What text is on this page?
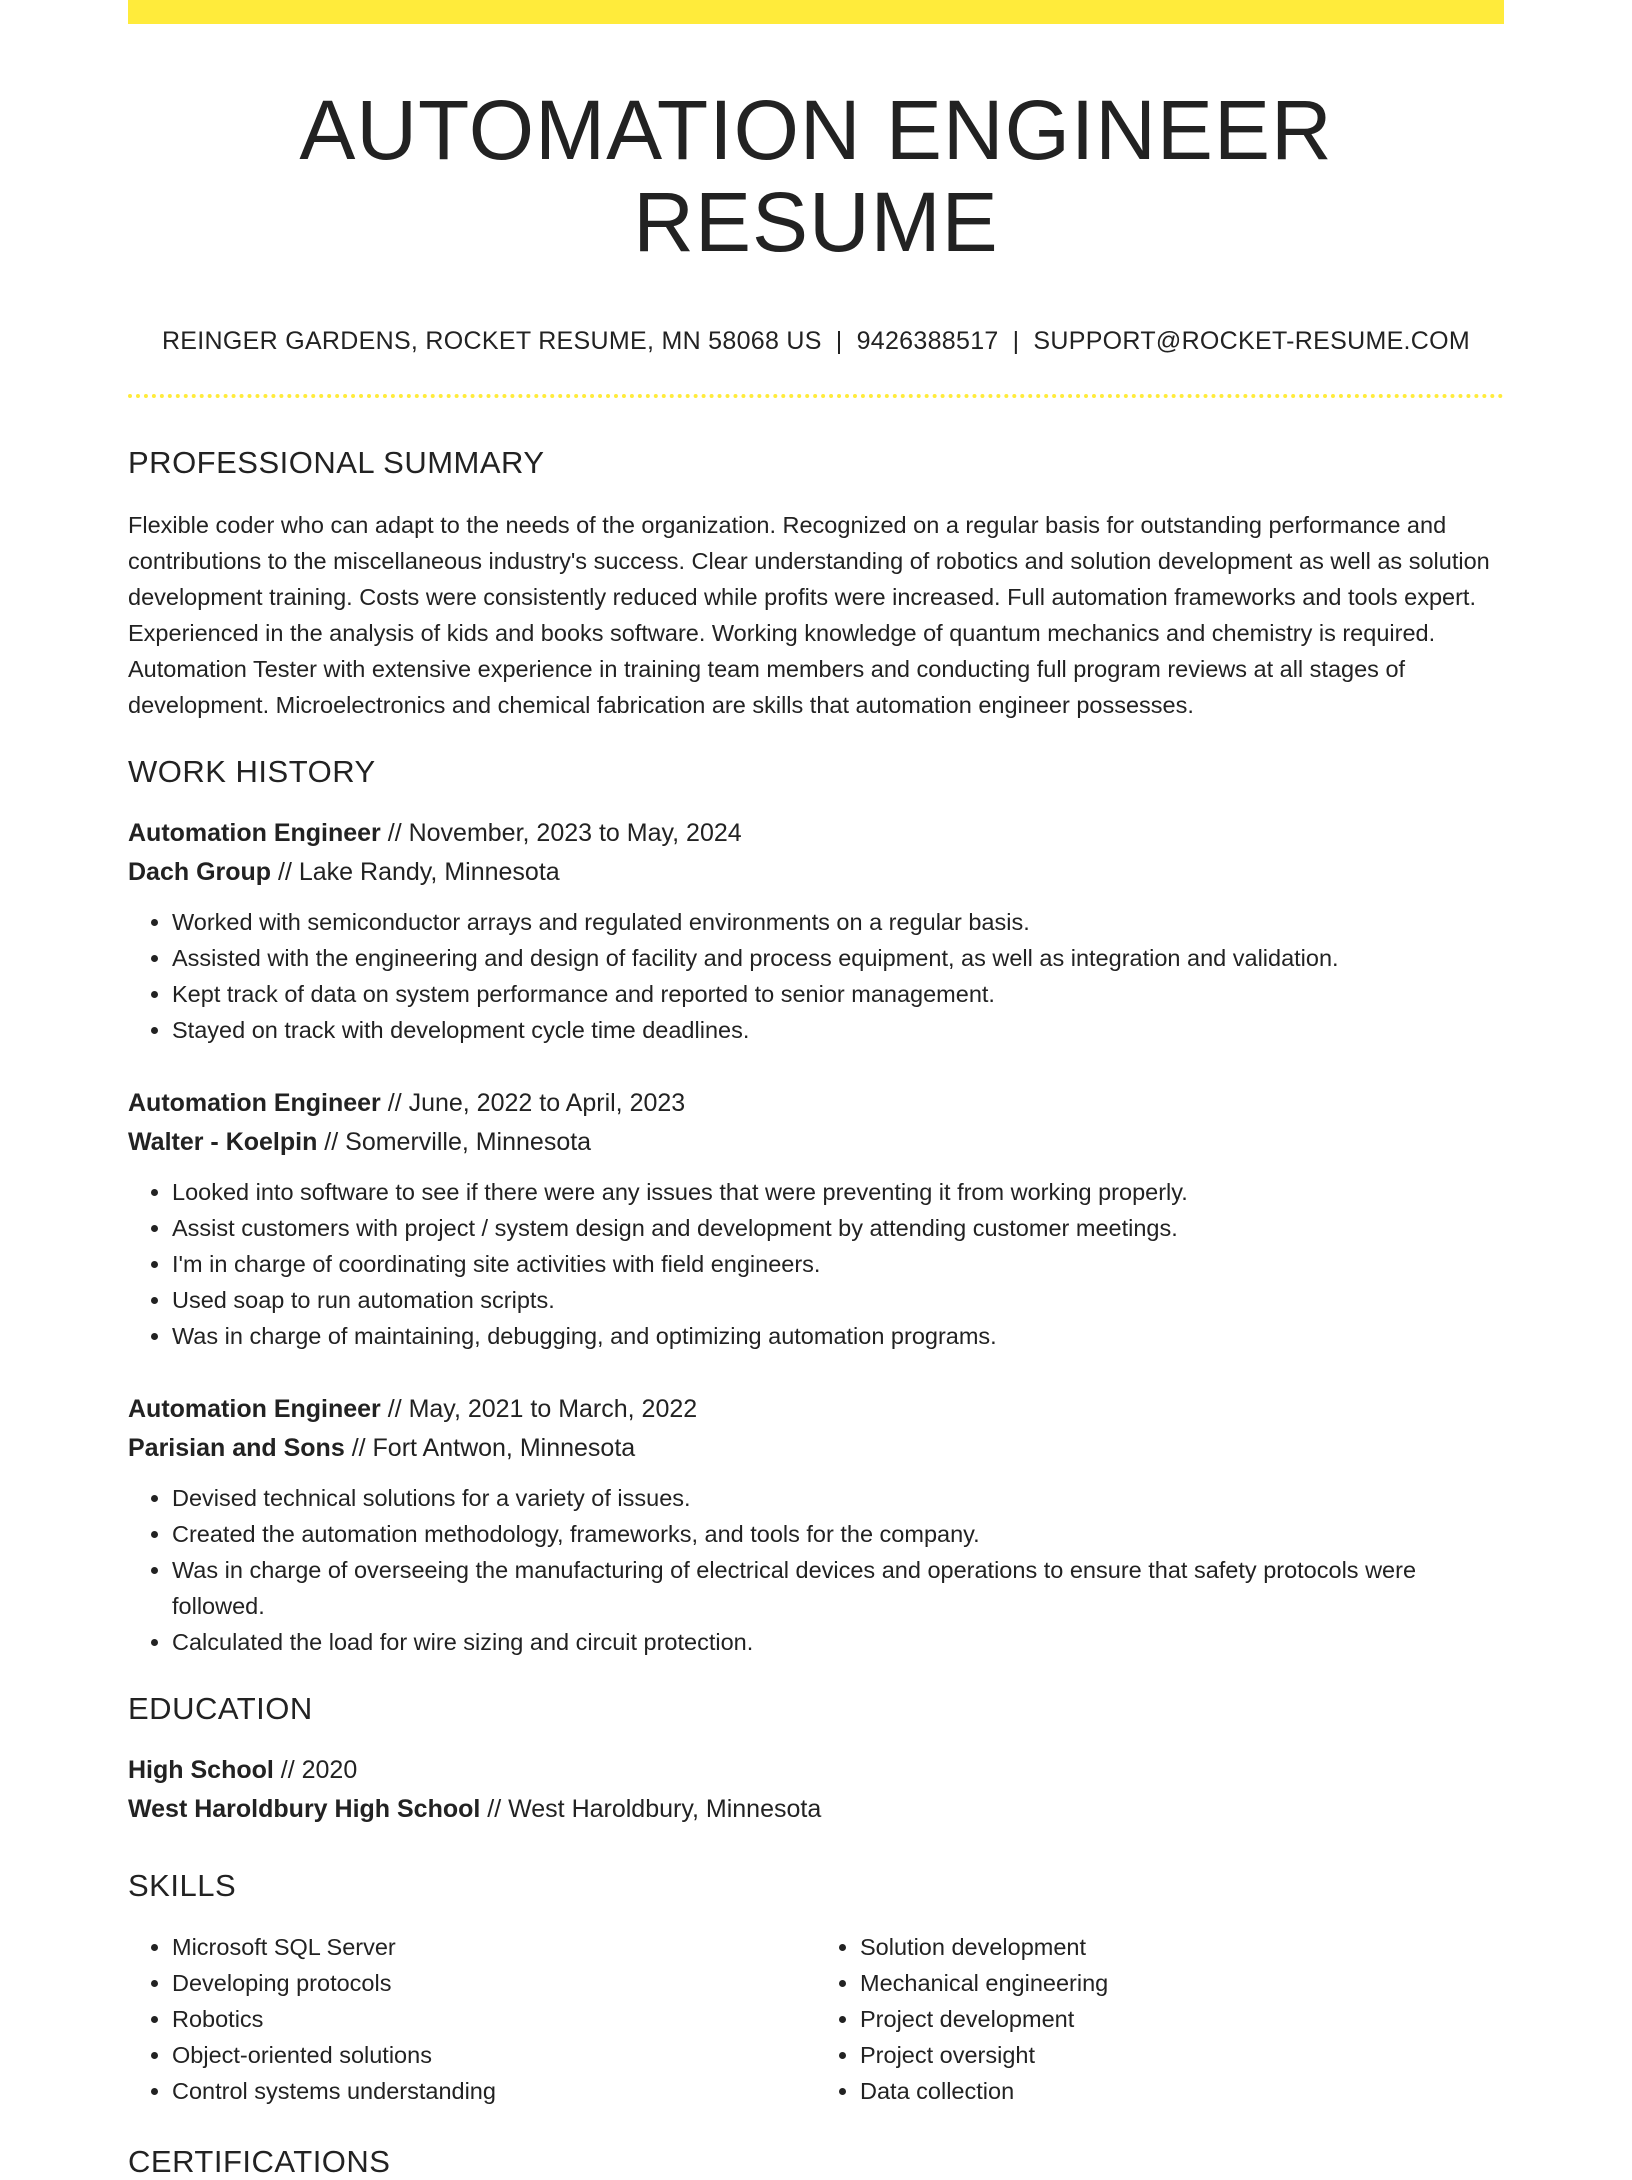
AUTOMATION ENGINEER RESUME
REINGER GARDENS, ROCKET RESUME, MN 58068 US | 9426388517 | SUPPORT@ROCKET-RESUME.COM
PROFESSIONAL SUMMARY
Flexible coder who can adapt to the needs of the organization. Recognized on a regular basis for outstanding performance and contributions to the miscellaneous industry's success. Clear understanding of robotics and solution development as well as solution development training. Costs were consistently reduced while profits were increased. Full automation frameworks and tools expert. Experienced in the analysis of kids and books software. Working knowledge of quantum mechanics and chemistry is required. Automation Tester with extensive experience in training team members and conducting full program reviews at all stages of development. Microelectronics and chemical fabrication are skills that automation engineer possesses.
WORK HISTORY
Automation Engineer // November, 2023 to May, 2024
Dach Group // Lake Randy, Minnesota
• Worked with semiconductor arrays and regulated environments on a regular basis.
• Assisted with the engineering and design of facility and process equipment, as well as integration and validation.
• Kept track of data on system performance and reported to senior management.
• Stayed on track with development cycle time deadlines.
Automation Engineer // June, 2022 to April, 2023
Walter - Koelpin // Somerville, Minnesota
• Looked into software to see if there were any issues that were preventing it from working properly.
• Assist customers with project / system design and development by attending customer meetings.
• I'm in charge of coordinating site activities with field engineers.
• Used soap to run automation scripts.
• Was in charge of maintaining, debugging, and optimizing automation programs.
Automation Engineer // May, 2021 to March, 2022
Parisian and Sons // Fort Antwon, Minnesota
• Devised technical solutions for a variety of issues.
• Created the automation methodology, frameworks, and tools for the company.
• Was in charge of overseeing the manufacturing of electrical devices and operations to ensure that safety protocols were followed.
• Calculated the load for wire sizing and circuit protection.
EDUCATION
High School // 2020
West Haroldbury High School // West Haroldbury, Minnesota
SKILLS
• Microsoft SQL Server
• Developing protocols
• Robotics
• Object-oriented solutions
• Control systems understanding
• Solution development
• Mechanical engineering
• Project development
• Project oversight
• Data collection
CERTIFICATIONS
